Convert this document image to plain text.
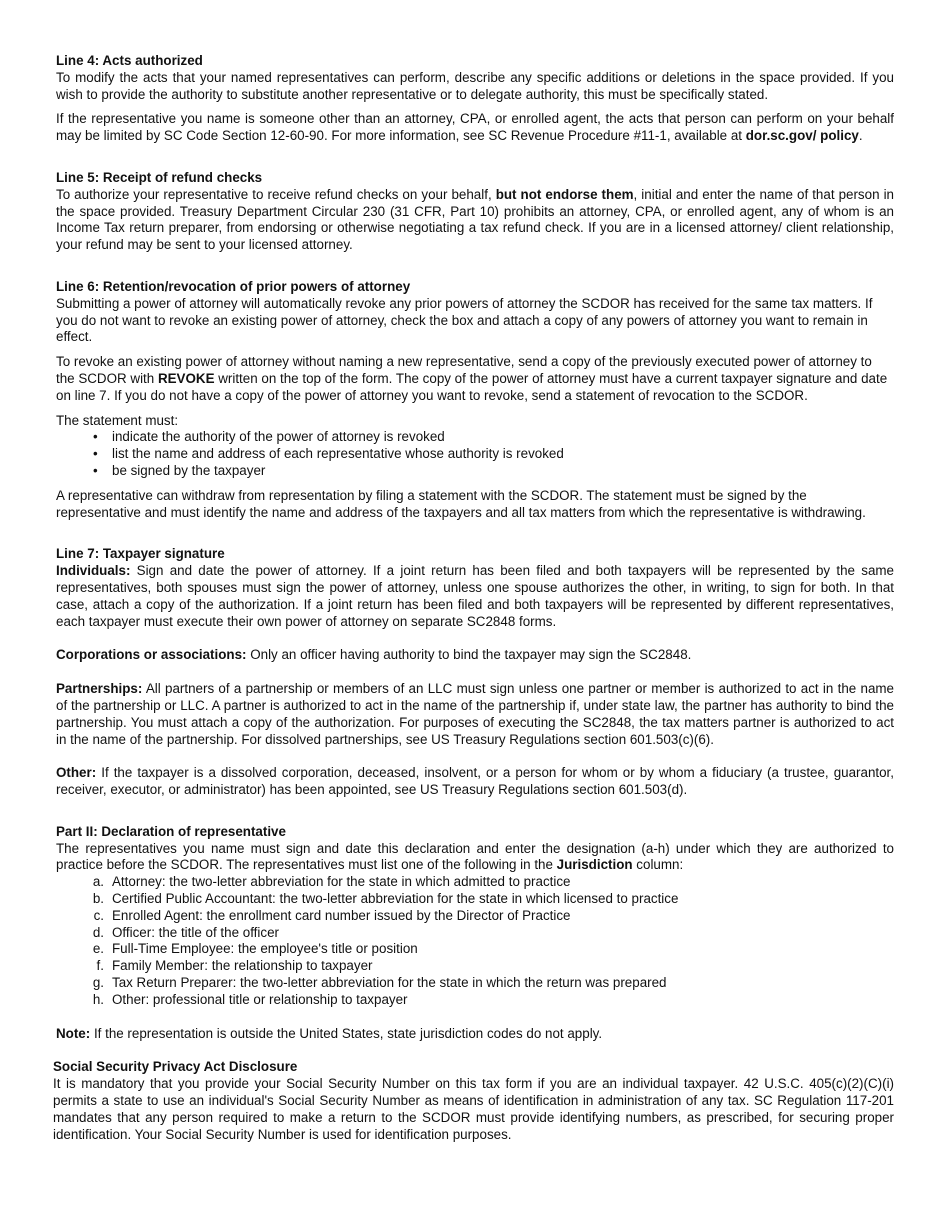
Line 4: Acts authorized

To modify the acts that your named representatives can perform, describe any specific additions or deletions in the space provided. If you wish to provide the authority to substitute another representative or to delegate authority, this must be specifically stated.

If the representative you name is someone other than an attorney, CPA, or enrolled agent, the acts that person can perform on your behalf may be limited by SC Code Section 12-60-90. For more information, see SC Revenue Procedure #11-1, available at dor.sc.gov/ policy.

Line 5: Receipt of refund checks

To authorize your representative to receive refund checks on your behalf, but not endorse them, initial and enter the name of that person in the space provided. Treasury Department Circular 230 (31 CFR, Part 10) prohibits an attorney, CPA, or enrolled agent, any of whom is an Income Tax return preparer, from endorsing or otherwise negotiating a tax refund check. If you are in a licensed attorney/ client relationship, your refund may be sent to your licensed attorney.

Line 6: Retention/revocation of prior powers of attorney

Submitting a power of attorney will automatically revoke any prior powers of attorney the SCDOR has received for the same tax matters. If you do not want to revoke an existing power of attorney, check the box and attach a copy of any powers of attorney you want to remain in effect.

To revoke an existing power of attorney without naming a new representative, send a copy of the previously executed power of attorney to the SCDOR with REVOKE written on the top of the form. The copy of the power of attorney must have a current taxpayer signature and date on line 7. If you do not have a copy of the power of attorney you want to revoke, send a statement of revocation to the SCDOR.

The statement must:

• indicate the authority of the power of attorney is revoked
• list the name and address of each representative whose authority is revoked
• be signed by the taxpayer

A representative can withdraw from representation by filing a statement with the SCDOR. The statement must be signed by the representative and must identify the name and address of the taxpayers and all tax matters from which the representative is withdrawing.

Line 7: Taxpayer signature

Individuals: Sign and date the power of attorney. If a joint return has been filed and both taxpayers will be represented by the same representatives, both spouses must sign the power of attorney, unless one spouse authorizes the other, in writing, to sign for both. In that case, attach a copy of the authorization. If a joint return has been filed and both taxpayers will be represented by different representatives, each taxpayer must execute their own power of attorney on separate SC2848 forms.

Corporations or associations: Only an officer having authority to bind the taxpayer may sign the SC2848.

Partnerships: All partners of a partnership or members of an LLC must sign unless one partner or member is authorized to act in the name of the partnership or LLC. A partner is authorized to act in the name of the partnership if, under state law, the partner has authority to bind the partnership. You must attach a copy of the authorization. For purposes of executing the SC2848, the tax matters partner is authorized to act in the name of the partnership. For dissolved partnerships, see US Treasury Regulations section 601.503(c)(6).

Other: If the taxpayer is a dissolved corporation, deceased, insolvent, or a person for whom or by whom a fiduciary (a trustee, guarantor, receiver, executor, or administrator) has been appointed, see US Treasury Regulations section 601.503(d).

Part II: Declaration of representative

The representatives you name must sign and date this declaration and enter the designation (a-h) under which they are authorized to practice before the SCDOR. The representatives must list one of the following in the Jurisdiction column:

a. Attorney: the two-letter abbreviation for the state in which admitted to practice
b. Certified Public Accountant: the two-letter abbreviation for the state in which licensed to practice
c. Enrolled Agent: the enrollment card number issued by the Director of Practice
d. Officer: the title of the officer
e. Full-Time Employee: the employee's title or position
f. Family Member: the relationship to taxpayer
g. Tax Return Preparer: the two-letter abbreviation for the state in which the return was prepared
h. Other: professional title or relationship to taxpayer

Note: If the representation is outside the United States, state jurisdiction codes do not apply.

Social Security Privacy Act Disclosure

It is mandatory that you provide your Social Security Number on this tax form if you are an individual taxpayer. 42 U.S.C. 405(c)(2)(C)(i) permits a state to use an individual's Social Security Number as means of identification in administration of any tax. SC Regulation 117-201 mandates that any person required to make a return to the SCDOR must provide identifying numbers, as prescribed, for securing proper identification. Your Social Security Number is used for identification purposes.
